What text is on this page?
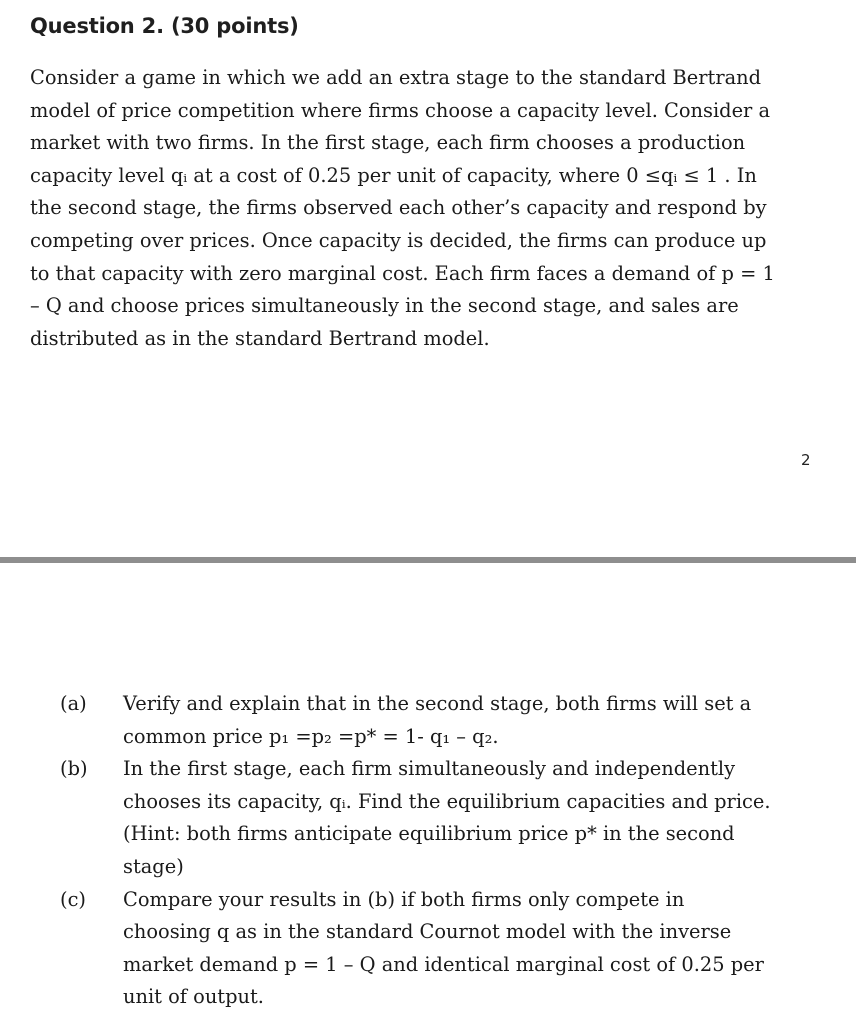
Question 2. (30 points)
Consider a game in which we add an extra stage to the standard Bertrand
model of price competition where firms choose a capacity level. Consider a
market with two firms. In the first stage, each firm chooses a production
capacity level qᵢ at a cost of 0.25 per unit of capacity, where 0 ≤qᵢ ≤ 1 . In
the second stage, the firms observed each other’s capacity and respond by
competing over prices. Once capacity is decided, the firms can produce up
to that capacity with zero marginal cost. Each firm faces a demand of p = 1
– Q and choose prices simultaneously in the second stage, and sales are
distributed as in the standard Bertrand model.
2
(a) Verify and explain that in the second stage, both firms will set a
common price p₁ =p₂ =p* = 1- q₁ – q₂.
(b) In the first stage, each firm simultaneously and independently
chooses its capacity, qᵢ. Find the equilibrium capacities and price.
(Hint: both firms anticipate equilibrium price p* in the second
stage)
(c) Compare your results in (b) if both firms only compete in
choosing q as in the standard Cournot model with the inverse
market demand p = 1 – Q and identical marginal cost of 0.25 per
unit of output.
